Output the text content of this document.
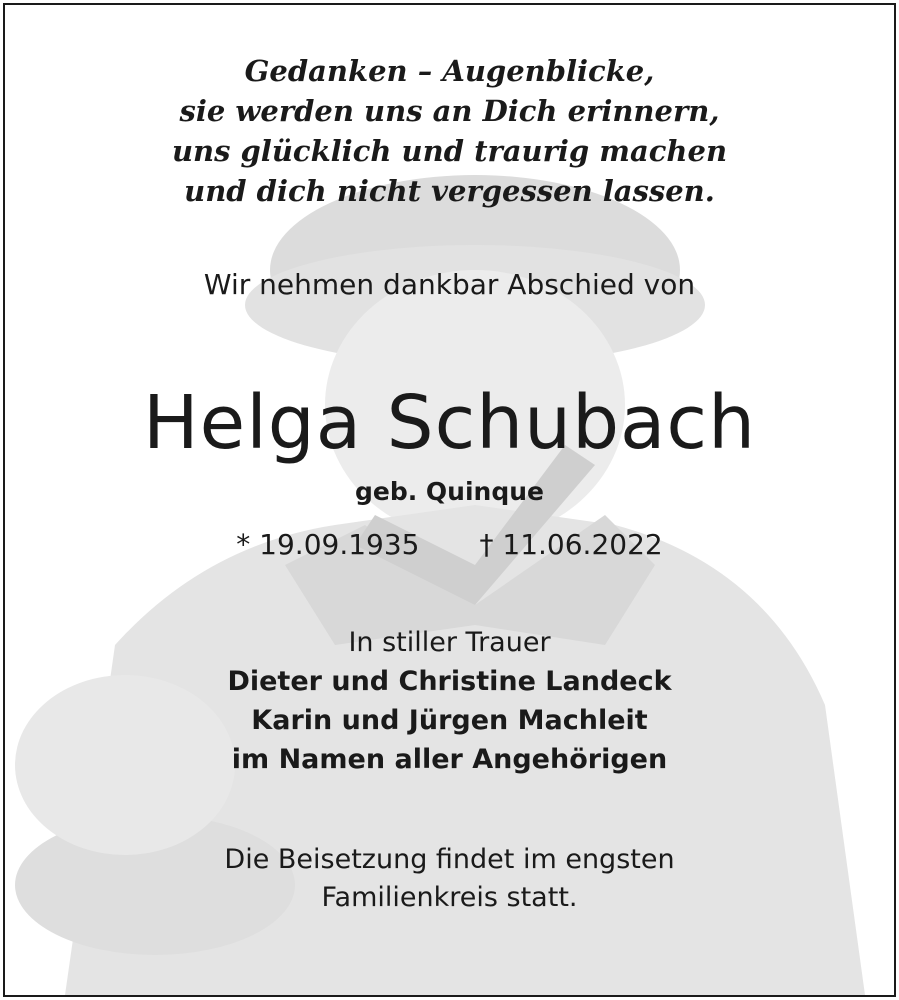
Gedanken – Augenblicke,
sie werden uns an Dich erinnern,
uns glücklich und traurig machen
und dich nicht vergessen lassen.
Wir nehmen dankbar Abschied von
Helga Schubach
geb. Quinque
* 19.09.1935 † 11.06.2022
In stiller Trauer
Dieter und Christine Landeck
Karin und Jürgen Machleit
im Namen aller Angehörigen
Die Beisetzung findet im engsten
Familienkreis statt.
